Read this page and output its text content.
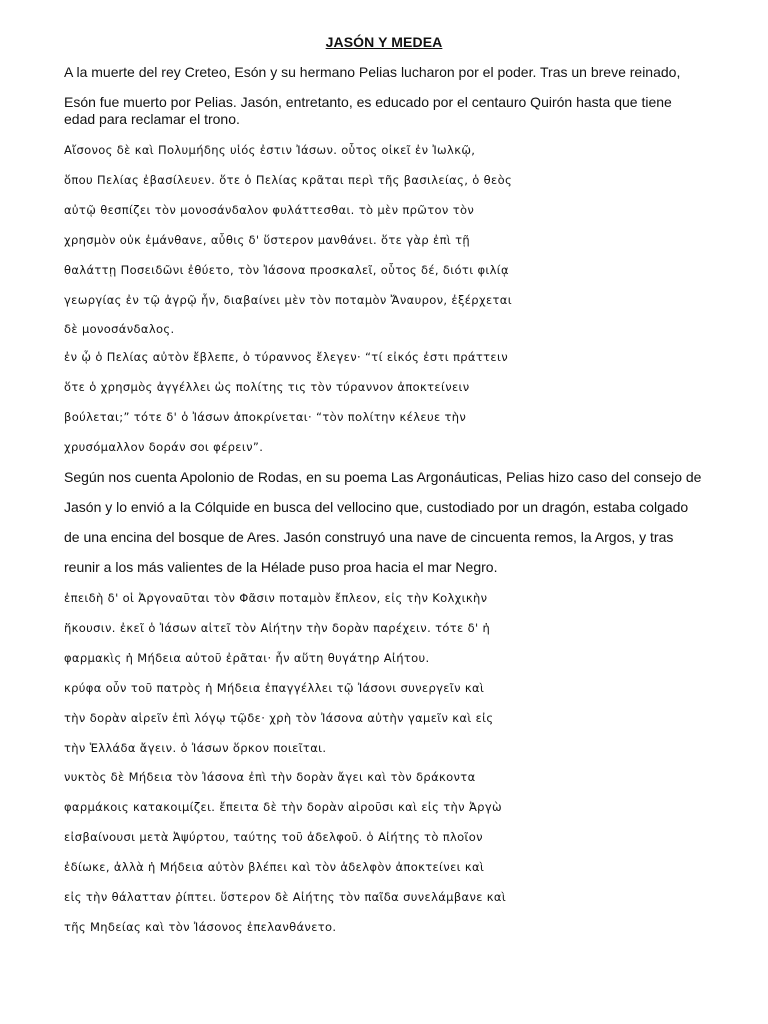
JASÓN Y MEDEA
A la muerte del rey Creteo, Esón y su hermano Pelias lucharon por el poder. Tras un breve reinado,
Esón fue muerto por Pelias. Jasón, entretanto, es educado por el centauro Quirón hasta que tiene
edad para reclamar el trono.
Αἴσονος δὲ καὶ Πολυμήδης υἱός ἐστιν Ἰάσων. οὗτος οἰκεῖ ἐν Ἰωλκῷ,
ὅπου Πελίας ἐβασίλευεν. ὅτε ὁ Πελίας κρᾶται περὶ τῆς βασιλείας, ὁ θεὸς
αὐτῷ θεσπίζει τὸν μονοσάνδαλον φυλάττεσθαι. τὸ μὲν πρῶτον τὸν
χρησμὸν οὐκ ἐμάνθανε, αὖθις δ' ὕστερον μανθάνει. ὅτε γὰρ ἐπὶ τῇ
θαλάττῃ Ποσειδῶνι ἐθύετο, τὸν Ἰάσονα προσκαλεῖ, οὗτος δέ, διότι φιλίᾳ
γεωργίας ἐν τῷ ἀγρῷ ἦν, διαβαίνει μὲν τὸν ποταμὸν Ἄναυρον, ἐξέρχεται
δὲ μονοσάνδαλος.
ἐν ᾧ ὁ Πελίας αὐτὸν ἔβλεπε, ὁ τύραννος ἔλεγεν· “τί εἰκός ἐστι πράττειν
ὅτε ὁ χρησμὸς ἀγγέλλει ὡς πολίτης τις τὸν τύραννον ἀποκτείνειν
βούλεται;” τότε δ' ὁ Ἰάσων ἀποκρίνεται· “τὸν πολίτην κέλευε τὴν
χρυσόμαλλον δοράν σοι φέρειν”.
Según nos cuenta Apolonio de Rodas, en su poema Las Argonáuticas, Pelias hizo caso del consejo de
Jasón y lo envió a la Cólquide en busca del vellocino que, custodiado por un dragón, estaba colgado
de una encina del bosque de Ares. Jasón construyó una nave de cincuenta remos, la Argos, y tras
reunir a los más valientes de la Hélade puso proa hacia el mar Negro.
ἐπειδὴ δ' οἱ Ἀργοναῦται τὸν Φᾶσιν ποταμὸν ἔπλεον, εἰς τὴν Κολχικὴν
ἥκουσιν. ἐκεῖ ὁ Ἰάσων αἰτεῖ τὸν Αἰήτην τὴν δορὰν παρέχειν. τότε δ' ἡ
φαρμακὶς ἡ Μήδεια αὐτοῦ ἐρᾶται· ἦν αὕτη θυγάτηρ Αἰήτου.
κρύφα οὖν τοῦ πατρὸς ἡ Μήδεια ἐπαγγέλλει τῷ Ἰάσονι συνεργεῖν καὶ
τὴν δορὰν αἱρεῖν ἐπὶ λόγῳ τῷδε· χρὴ τὸν Ἰάσονα αὐτὴν γαμεῖν καὶ εἰς
τὴν Ἑλλάδα ἄγειν. ὁ Ἰάσων ὅρκον ποιεῖται.
νυκτὸς δὲ Μήδεια τὸν Ἰάσονα ἐπὶ τὴν δορὰν ἄγει καὶ τὸν δράκοντα
φαρμάκοις κατακοιμίζει. ἔπειτα δὲ τὴν δορὰν αἱροῦσι καὶ εἰς τὴν Ἀργὼ
εἰσβαίνουσι μετὰ Ἀψύρτου, ταύτης τοῦ ἀδελφοῦ. ὁ Αἰήτης τὸ πλοῖον
ἐδίωκε, ἀλλὰ ἡ Μήδεια αὐτὸν βλέπει καὶ τὸν ἀδελφὸν ἀποκτείνει καὶ
εἰς τὴν θάλατταν ῥίπτει. ὕστερον δὲ Αἰήτης τὸν παῖδα συνελάμβανε καὶ
τῆς Μηδείας καὶ τὸν Ἰάσονος ἐπελανθάνετο.
